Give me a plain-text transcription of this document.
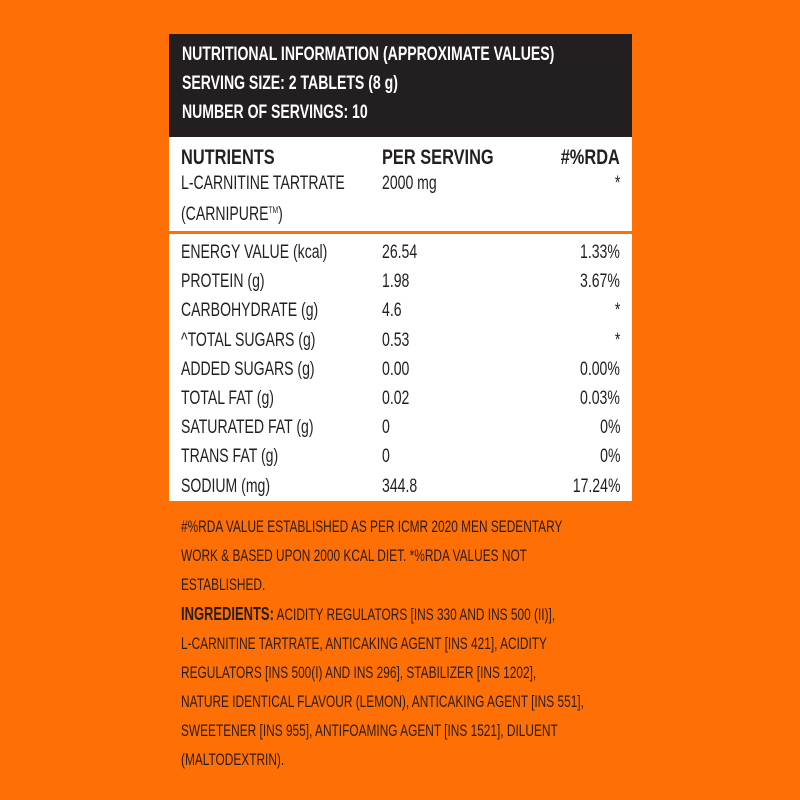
NUTRITIONAL INFORMATION (APPROXIMATE VALUES)
SERVING SIZE: 2 TABLETS (8 g)
NUMBER OF SERVINGS: 10
NUTRIENTS	PER SERVING	#%RDA
L-CARNITINE TARTRATE 2000 mg	*
(CARNIPURE™)
ENERGY VALUE (kcal)	26.54	1.33%
PROTEIN (g)	1.98	3.67%
CARBOHYDRATE (g)	4.6	*
^TOTAL SUGARS (g)	0.53	*
ADDED SUGARS (g)	0.00	0.00%
TOTAL FAT (g)	0.02	0.03%
SATURATED FAT (g)	0	0%
TRANS FAT (g)	0	0%
SODIUM (mg)	344.8	17.24%
#%RDA VALUE ESTABLISHED AS PER ICMR 2020 MEN SEDENTARY
WORK & BASED UPON 2000 KCAL DIET. *%RDA VALUES NOT
ESTABLISHED.
INGREDIENTS: ACIDITY REGULATORS [INS 330 AND INS 500 (II)],
L-CARNITINE TARTRATE, ANTICAKING AGENT [INS 421], ACIDITY
REGULATORS [INS 500(I) AND INS 296], STABILIZER [INS 1202],
NATURE IDENTICAL FLAVOUR (LEMON), ANTICAKING AGENT [INS 551],
SWEETENER [INS 955], ANTIFOAMING AGENT [INS 1521], DILUENT
(MALTODEXTRIN).
